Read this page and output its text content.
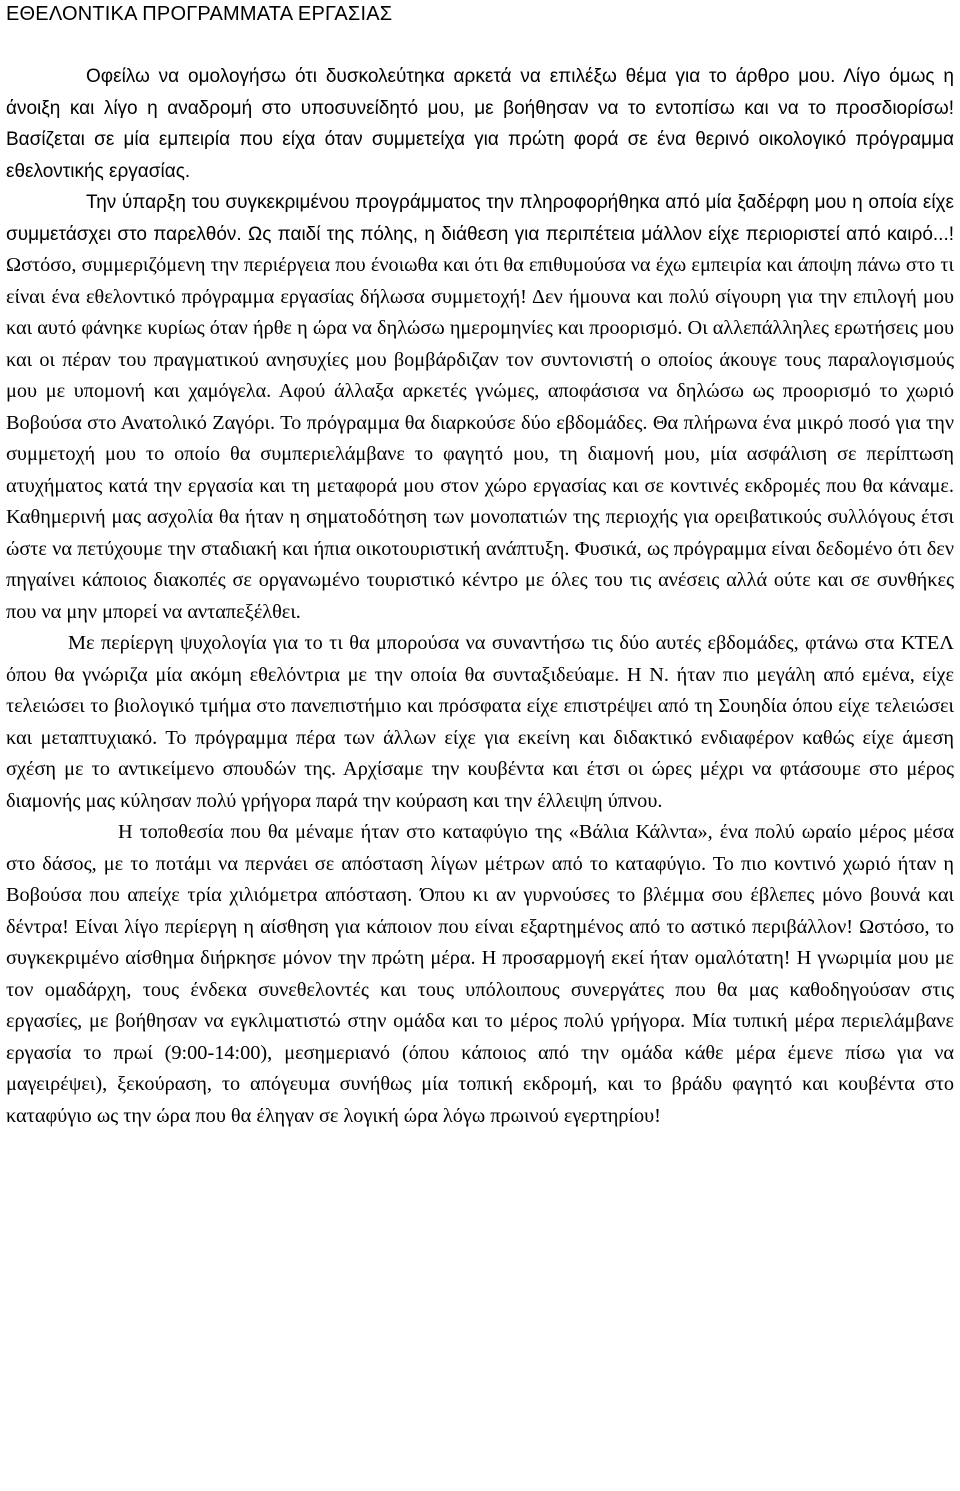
ΕΘΕΛΟΝΤΙΚΑ ΠΡΟΓΡΑΜΜΑΤΑ ΕΡΓΑΣΙΑΣ

Οφείλω να ομολογήσω ότι δυσκολεύτηκα αρκετά να επιλέξω θέμα για το άρθρο μου. Λίγο όμως η άνοιξη και λίγο η αναδρομή στο υποσυνείδητό μου, με βοήθησαν να το εντοπίσω και να το προσδιορίσω! Βασίζεται σε μία εμπειρία που είχα όταν συμμετείχα για πρώτη φορά σε ένα θερινό οικολογικό πρόγραμμα εθελοντικής εργασίας.

Την ύπαρξη του συγκεκριμένου προγράμματος την πληροφορήθηκα από μία ξαδέρφη μου η οποία είχε συμμετάσχει στο παρελθόν. Ως παιδί της πόλης, η διάθεση για περιπέτεια μάλλον είχε περιοριστεί από καιρό...! Ωστόσο, συμμεριζόμενη την περιέργεια που ένοιωθα και ότι θα επιθυμούσα να έχω εμπειρία και άποψη πάνω στο τι είναι ένα εθελοντικό πρόγραμμα εργασίας δήλωσα συμμετοχή! Δεν ήμουνα και πολύ σίγουρη για την επιλογή μου και αυτό φάνηκε κυρίως όταν ήρθε η ώρα να δηλώσω ημερομηνίες και προορισμό. Οι αλλεπάλληλες ερωτήσεις μου και οι πέραν του πραγματικού ανησυχίες μου βομβάρδιζαν τον συντονιστή ο οποίος άκουγε τους παραλογισμούς μου με υπομονή και χαμόγελα. Αφού άλλαξα αρκετές γνώμες, αποφάσισα να δηλώσω ως προορισμό το χωριό Βοβούσα στο Ανατολικό Ζαγόρι. Το πρόγραμμα θα διαρκούσε δύο εβδομάδες. Θα πλήρωνα ένα μικρό ποσό για την συμμετοχή μου το οποίο θα συμπεριελάμβανε το φαγητό μου, τη διαμονή μου, μία ασφάλιση σε περίπτωση ατυχήματος κατά την εργασία και τη μεταφορά μου στον χώρο εργασίας και σε κοντινές εκδρομές που θα κάναμε. Καθημερινή μας ασχολία θα ήταν η σηματοδότηση των μονοπατιών της περιοχής για ορειβατικούς συλλόγους έτσι ώστε να πετύχουμε την σταδιακή και ήπια οικοτουριστική ανάπτυξη. Φυσικά, ως πρόγραμμα είναι δεδομένο ότι δεν πηγαίνει κάποιος διακοπές σε οργανωμένο τουριστικό κέντρο με όλες του τις ανέσεις αλλά ούτε και σε συνθήκες που να μην μπορεί να ανταπεξέλθει.

Με περίεργη ψυχολογία για το τι θα μπορούσα να συναντήσω τις δύο αυτές εβδομάδες, φτάνω στα ΚΤΕΛ όπου θα γνώριζα μία ακόμη εθελόντρια με την οποία θα συνταξιδεύαμε. Η Ν. ήταν πιο μεγάλη από εμένα, είχε τελειώσει το βιολογικό τμήμα στο πανεπιστήμιο και πρόσφατα είχε επιστρέψει από τη Σουηδία όπου είχε τελειώσει και μεταπτυχιακό. Το πρόγραμμα πέρα των άλλων είχε για εκείνη και διδακτικό ενδιαφέρον καθώς είχε άμεση σχέση με το αντικείμενο σπουδών της. Αρχίσαμε την κουβέντα και έτσι οι ώρες μέχρι να φτάσουμε στο μέρος διαμονής μας κύλησαν πολύ γρήγορα παρά την κούραση και την έλλειψη ύπνου.

Η τοποθεσία που θα μέναμε ήταν στο καταφύγιο της «Βάλια Κάλντα», ένα πολύ ωραίο μέρος μέσα στο δάσος, με το ποτάμι να περνάει σε απόσταση λίγων μέτρων από το καταφύγιο. Το πιο κοντινό χωριό ήταν η Βοβούσα που απείχε τρία χιλιόμετρα απόσταση. Όπου κι αν γυρνούσες το βλέμμα σου έβλεπες μόνο βουνά και δέντρα! Είναι λίγο περίεργη η αίσθηση για κάποιον που είναι εξαρτημένος από το αστικό περιβάλλον! Ωστόσο, το συγκεκριμένο αίσθημα διήρκησε μόνον την πρώτη μέρα. Η προσαρμογή εκεί ήταν ομαλότατη! Η γνωριμία μου με τον ομαδάρχη, τους ένδεκα συνεθελοντές και τους υπόλοιπους συνεργάτες που θα μας καθοδηγούσαν στις εργασίες, με βοήθησαν να εγκλιματιστώ στην ομάδα και το μέρος πολύ γρήγορα. Μία τυπική μέρα περιελάμβανε εργασία το πρωί (9:00-14:00), μεσημεριανό (όπου κάποιος από την ομάδα κάθε μέρα έμενε πίσω για να μαγειρέψει), ξεκούραση, το απόγευμα συνήθως μία τοπική εκδρομή, και το βράδυ φαγητό και κουβέντα στο καταφύγιο ως την ώρα που θα έληγαν σε λογική ώρα λόγω πρωινού εγερτηρίου!
